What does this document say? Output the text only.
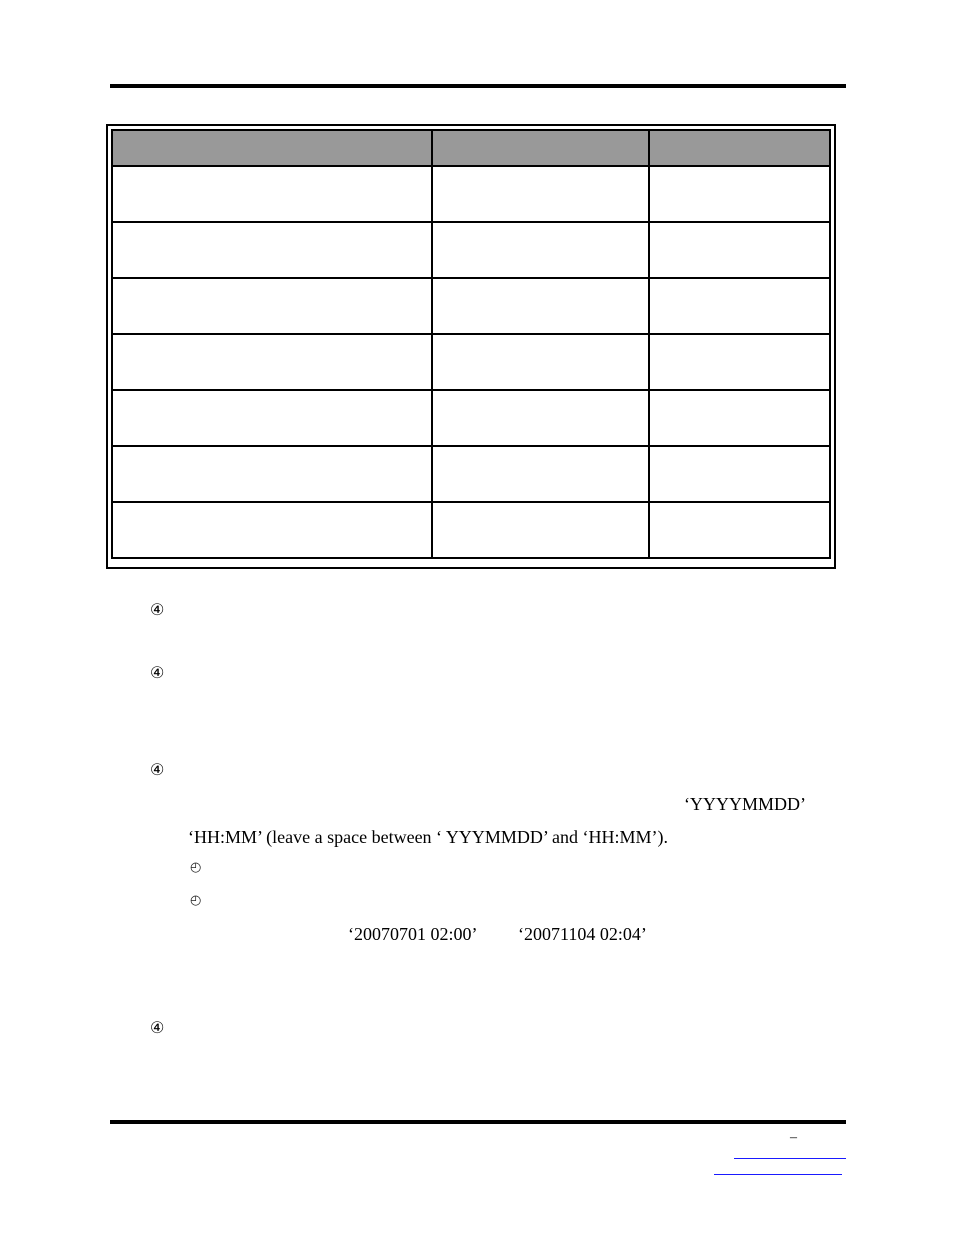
④
④
④
‘YYYYMMDD’
‘HH:MM’ (leave a space between ‘ YYYMMDD’ and ‘HH:MM’).
◴
◴
‘20070701 02:00’ ‘20071104 02:04’
④
–
